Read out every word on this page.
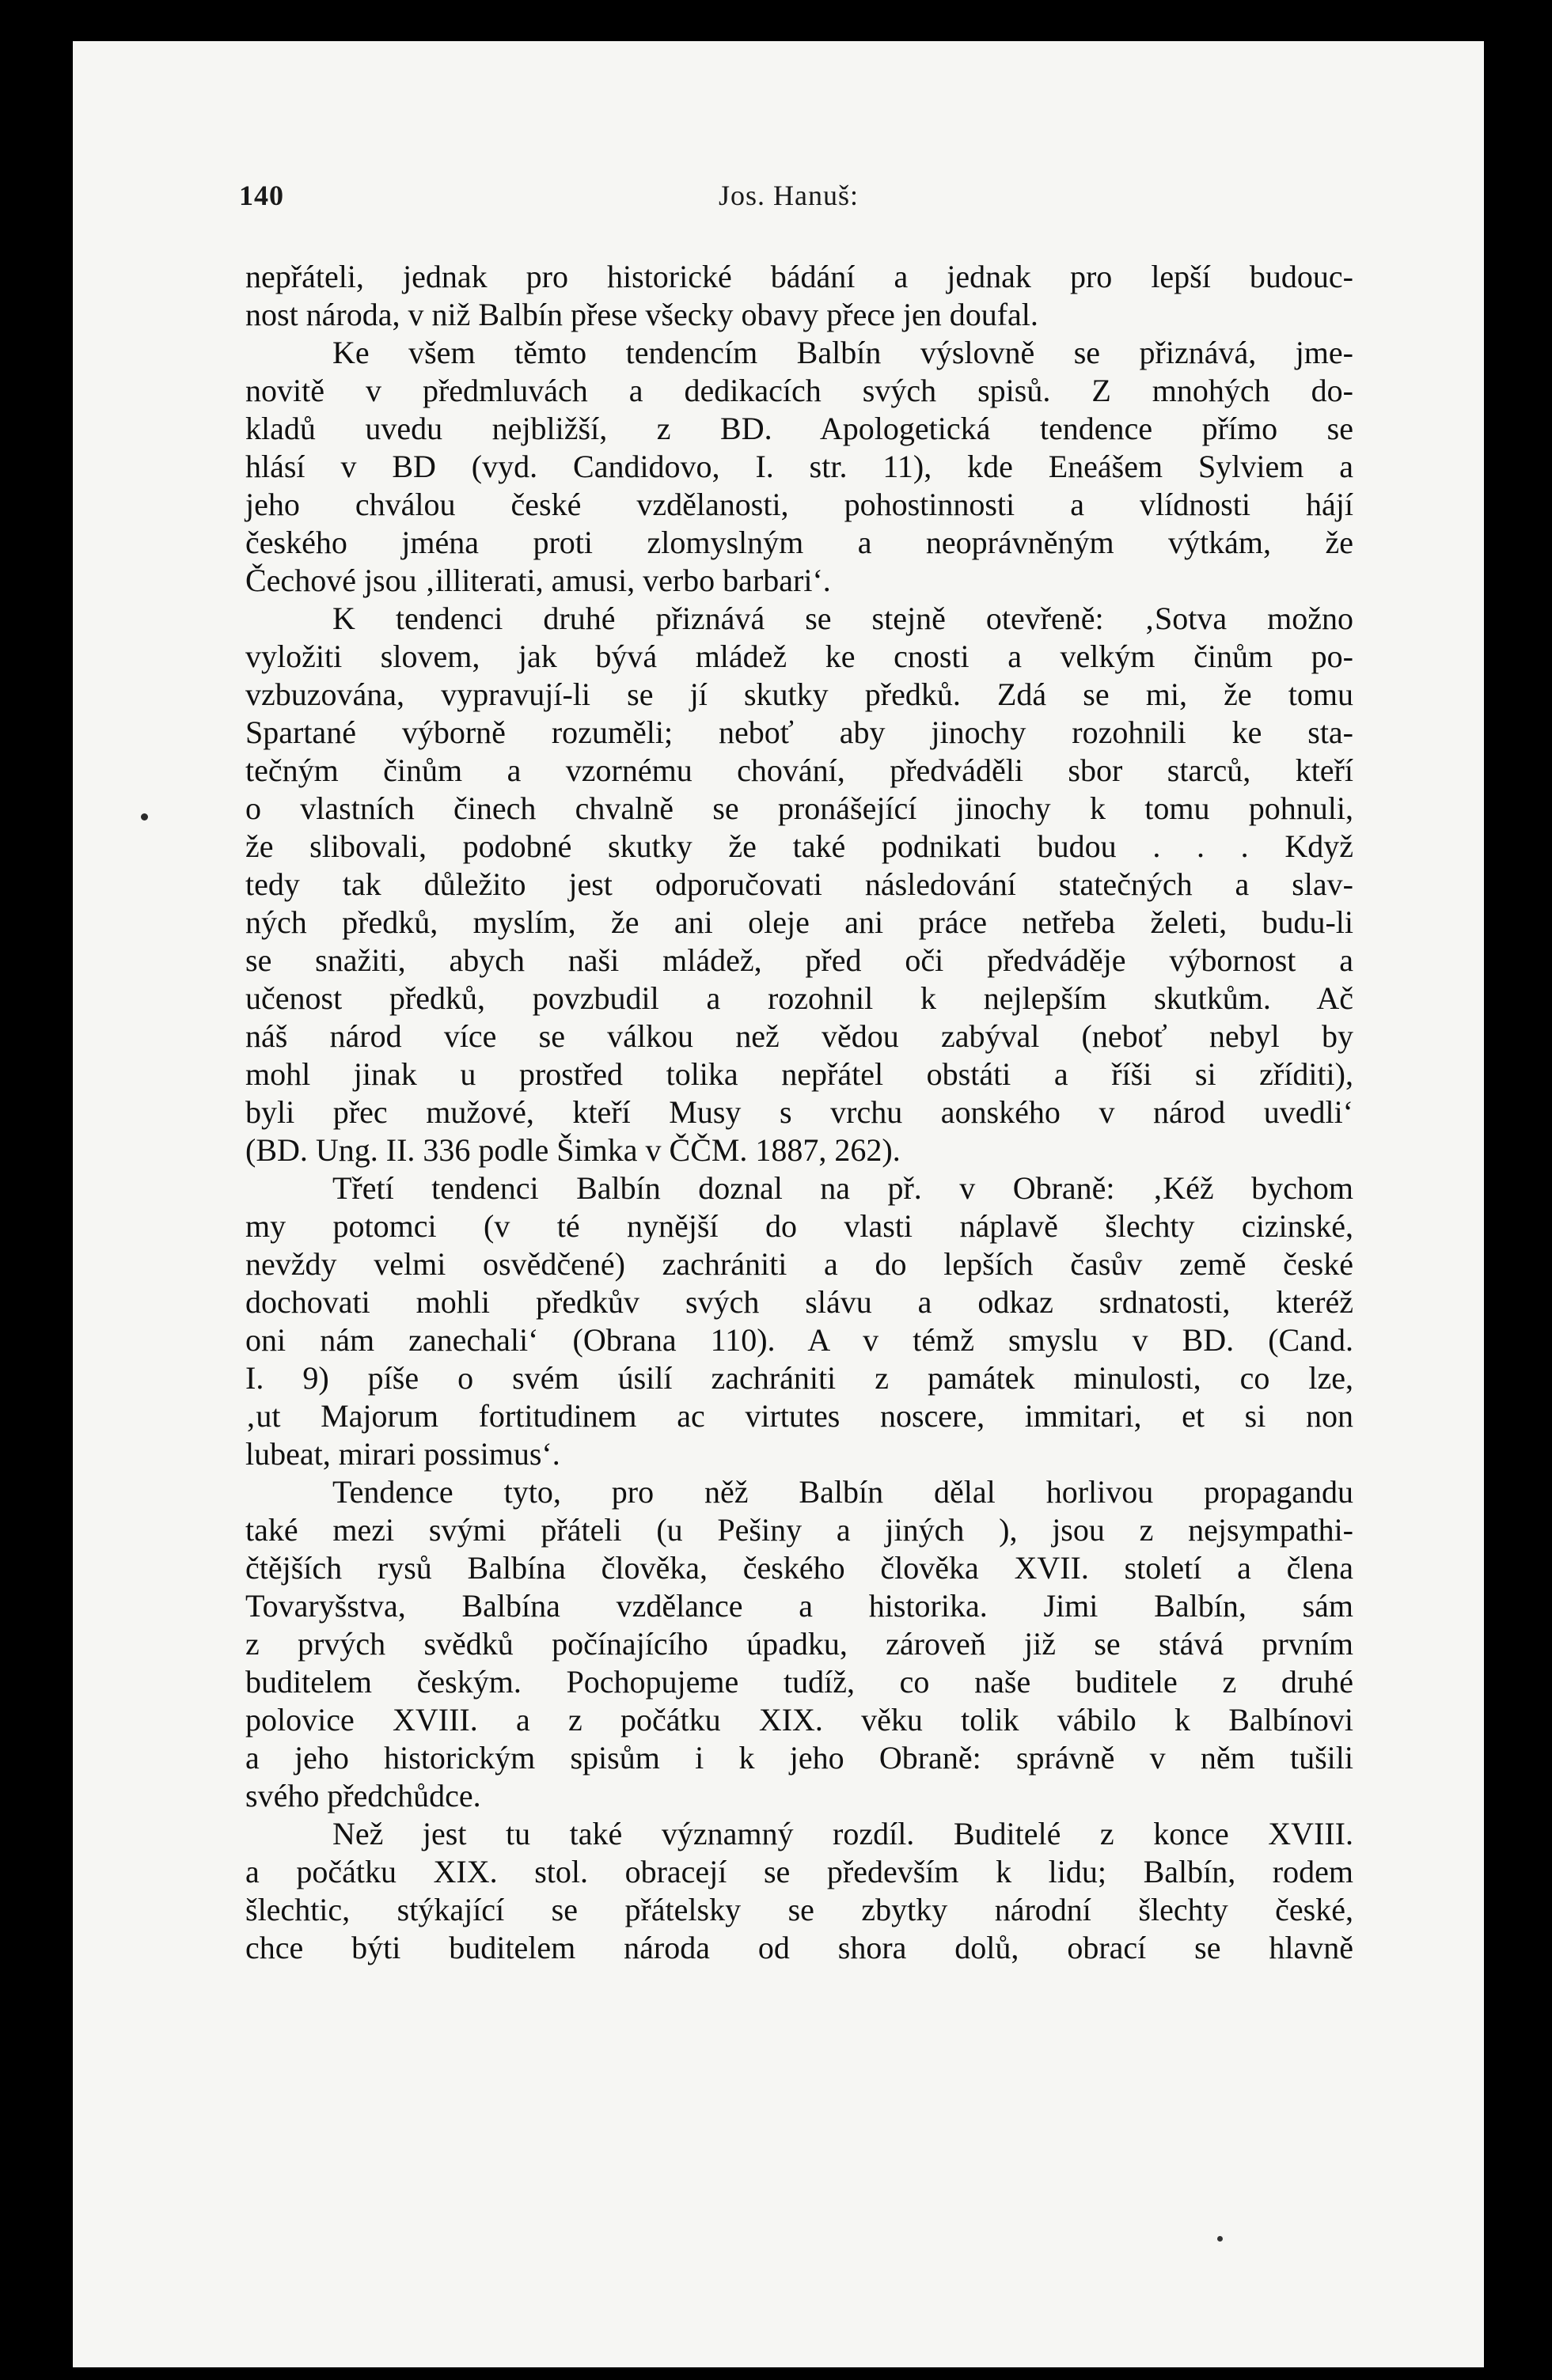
140	Jos. Hanuš:
nepřáteli, jednak pro historické bádání a jednak pro lepší budouc-
nost národa, v niž Balbín přese všecky obavy přece jen doufal.
Ke všem těmto tendencím Balbín výslovně se přiznává, jme-
novitě v předmluvách a dedikacích svých spisů. Z mnohých do-
kladů uvedu nejbližší, z BD. Apologetická tendence přímo se
hlásí v BD (vyd. Candidovo, I. str. 11), kde Eneášem Sylviem a
jeho chválou české vzdělanosti, pohostinnosti a vlídnosti hájí
českého jména proti zlomyslným a neoprávněným výtkám, že
Čechové jsou ‚illiterati, amusi, verbo barbari‘.
K tendenci druhé přiznává se stejně otevřeně: ‚Sotva možno
vyložiti slovem, jak bývá mládež ke cnosti a velkým činům po-
vzbuzována, vypravují-li se jí skutky předků. Zdá se mi, že tomu
Spartané výborně rozuměli; neboť aby jinochy rozohnili ke sta-
tečným činům a vzornému chování, předváděli sbor starců, kteří
o vlastních činech chvalně se pronášející jinochy k tomu pohnuli,
že slibovali, podobné skutky že také podnikati budou . . . Když
tedy tak důležito jest odporučovati následování statečných a slav-
ných předků, myslím, že ani oleje ani práce netřeba želeti, budu-li
se snažiti, abych naši mládež, před oči předváděje výbornost a
učenost předků, povzbudil a rozohnil k nejlepším skutkům. Ač
náš národ více se válkou než vědou zabýval (neboť nebyl by
mohl jinak u prostřed tolika nepřátel obstáti a říši si zříditi),
byli přec mužové, kteří Musy s vrchu aonského v národ uvedli‘
(BD. Ung. II. 336 podle Šimka v ČČM. 1887, 262).
Třetí tendenci Balbín doznal na př. v Obraně: ‚Kéž bychom
my potomci (v té nynější do vlasti náplavě šlechty cizinské,
nevždy velmi osvědčené) zachrániti a do lepších časův země české
dochovati mohli předkův svých slávu a odkaz srdnatosti, kteréž
oni nám zanechali‘ (Obrana 110). A v témž smyslu v BD. (Cand.
I. 9) píše o svém úsilí zachrániti z památek minulosti, co lze,
‚ut Majorum fortitudinem ac virtutes noscere, immitari, et si non
lubeat, mirari possimus‘.
Tendence tyto, pro něž Balbín dělal horlivou propagandu
také mezi svými přáteli (u Pešiny a jiných ), jsou z nejsympathi-
čtějších rysů Balbína člověka, českého člověka XVII. století a člena
Tovaryšstva, Balbína vzdělance a historika. Jimi Balbín, sám
z prvých svědků počínajícího úpadku, zároveň již se stává prvním
buditelem českým. Pochopujeme tudíž, co naše buditele z druhé
polovice XVIII. a z počátku XIX. věku tolik vábilo k Balbínovi
a jeho historickým spisům i k jeho Obraně: správně v něm tušili
svého předchůdce.
Než jest tu také významný rozdíl. Buditelé z konce XVIII.
a počátku XIX. stol. obracejí se především k lidu; Balbín, rodem
šlechtic, stýkající se přátelsky se zbytky národní šlechty české,
chce býti buditelem národa od shora dolů, obrací se hlavně
